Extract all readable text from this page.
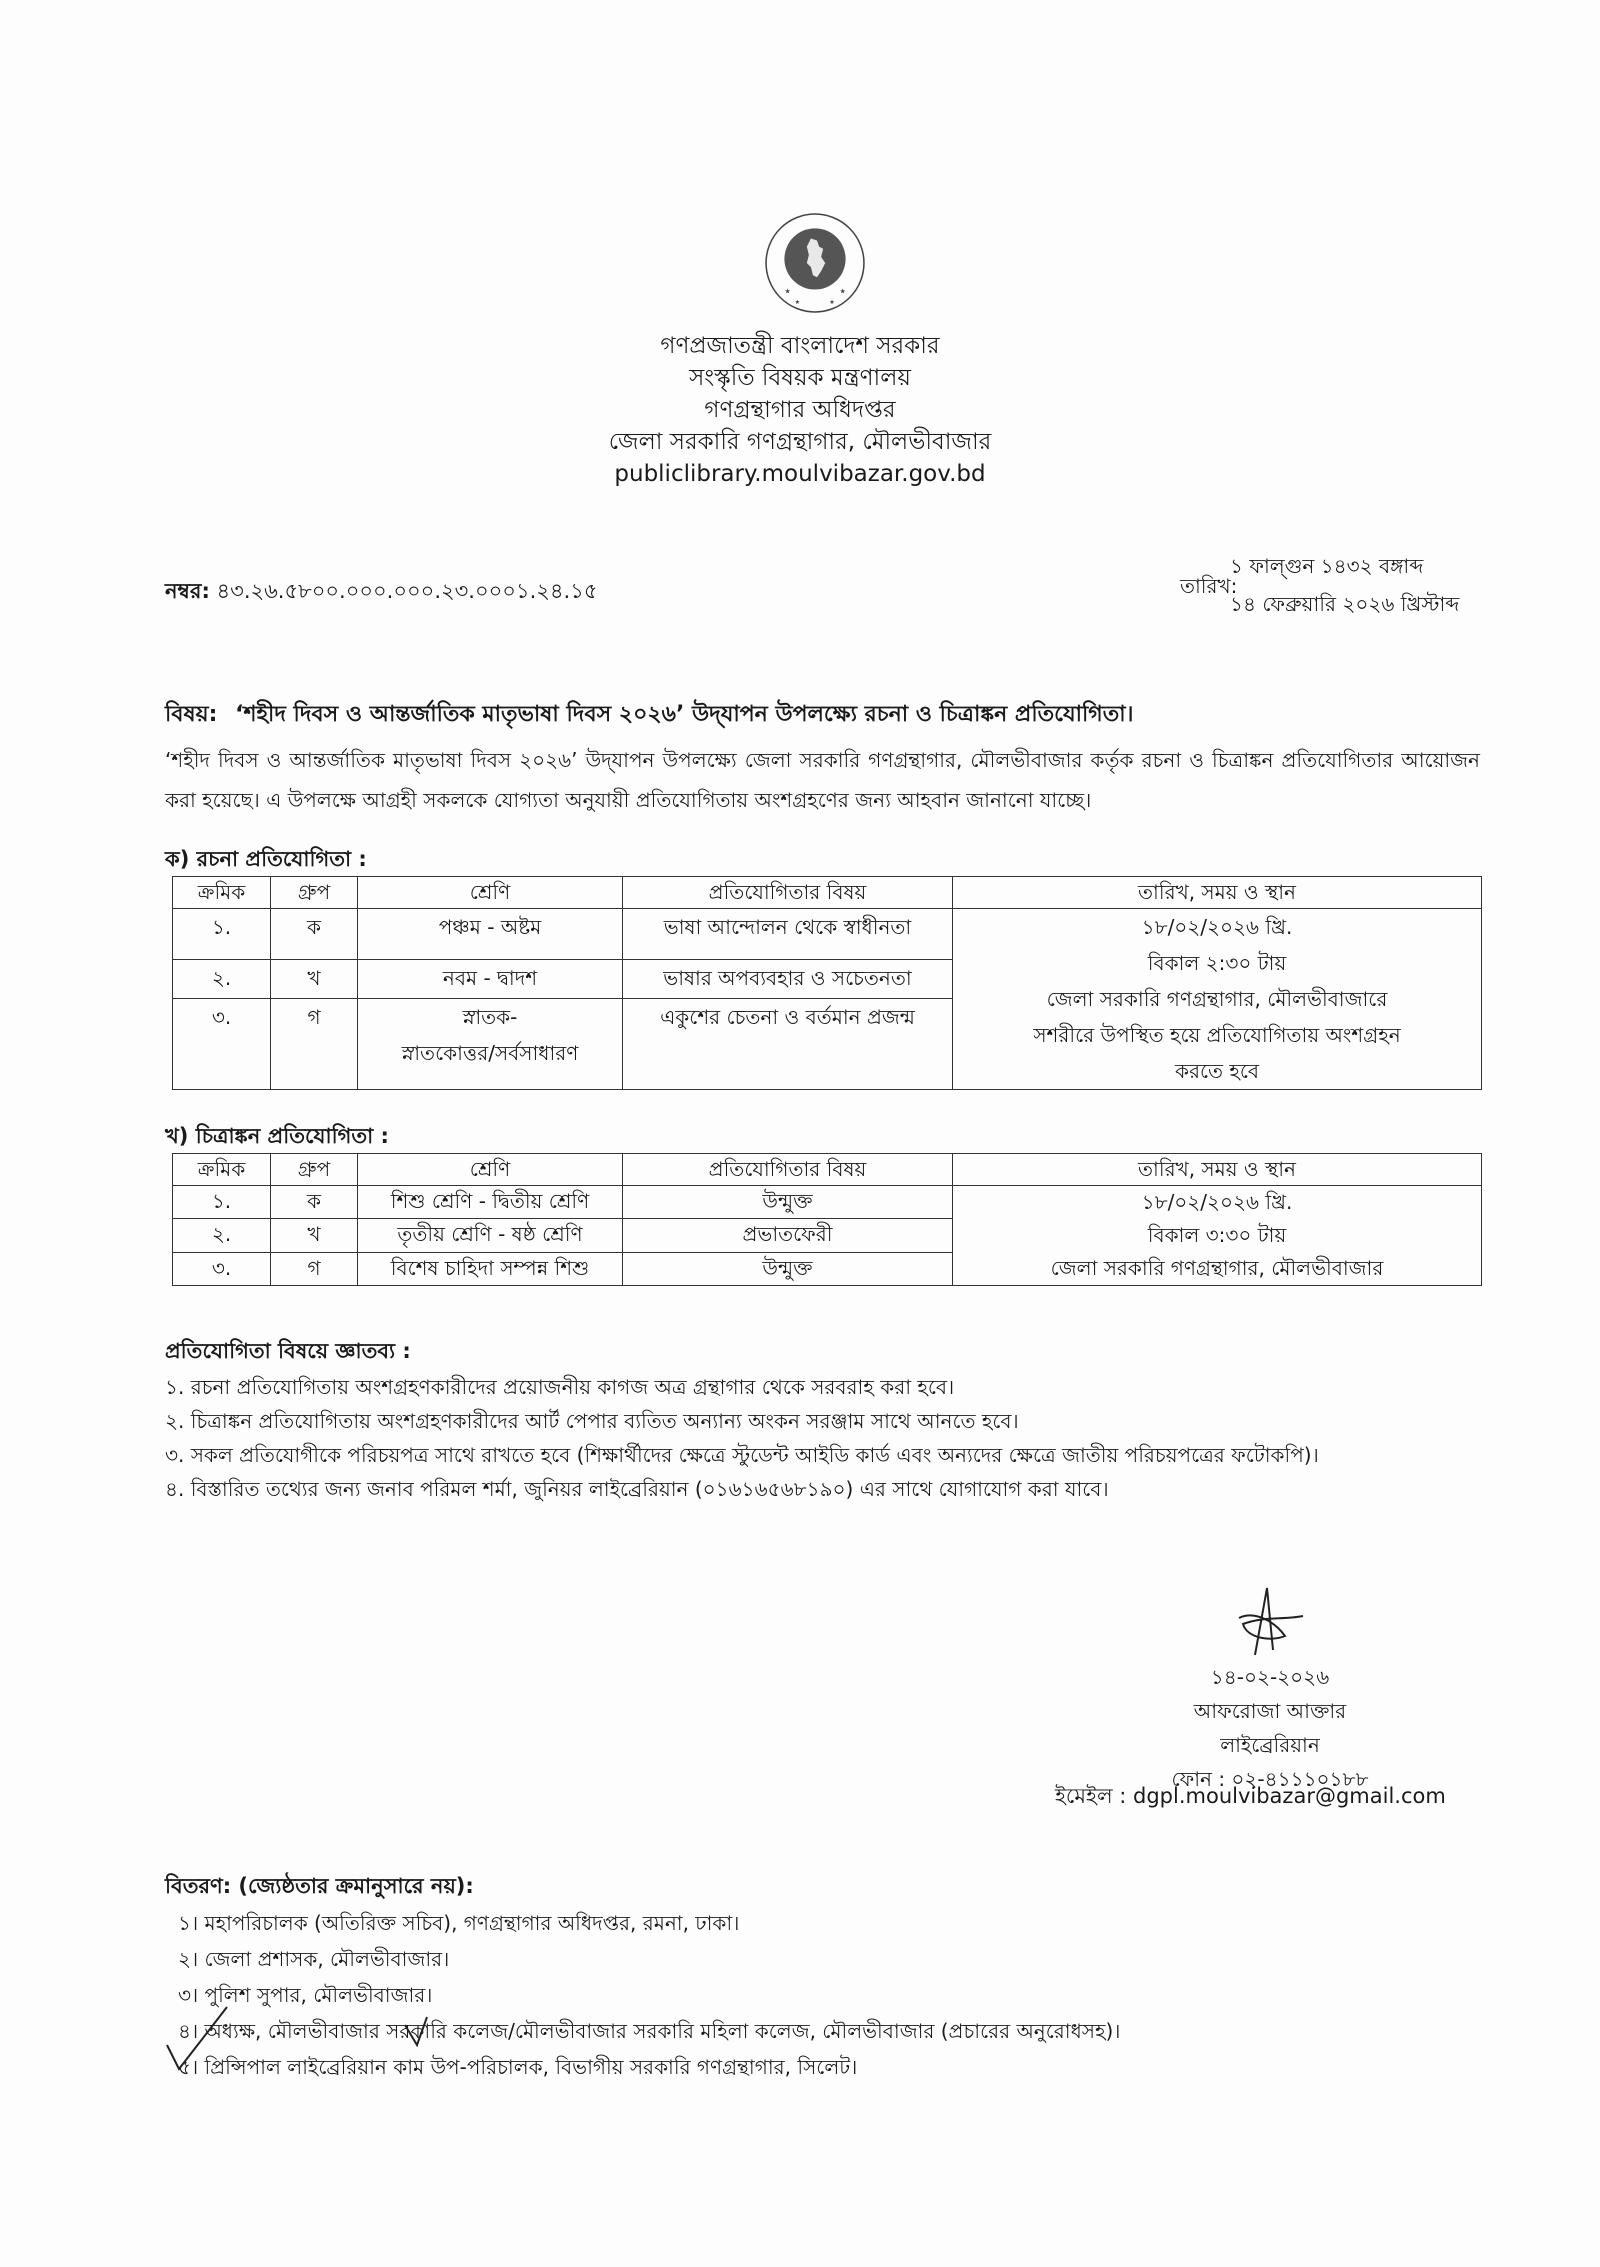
★	★
★	★
গণপ্রজাতন্ত্রী বাংলাদেশ সরকার
সংস্কৃতি বিষয়ক মন্ত্রণালয়
গণগ্রন্থাগার অধিদপ্তর
জেলা সরকারি গণগ্রন্থাগার, মৌলভীবাজার
publiclibrary.moulvibazar.gov.bd
নম্বর: ৪৩.২৬.৫৮০০.০০০.০০০.২৩.০০০১.২৪.১৫	তারিখ:
১ ফাল্গুন ১৪৩২ বঙ্গাব্দ
১৪ ফেব্রুয়ারি ২০২৬ খ্রিস্টাব্দ
বিষয়: ‘শহীদ দিবস ও আন্তর্জাতিক মাতৃভাষা দিবস ২০২৬’ উদ্‌যাপন উপলক্ষ্যে রচনা ও চিত্রাঙ্কন প্রতিযোগিতা।
‘শহীদ দিবস ও আন্তর্জাতিক মাতৃভাষা দিবস ২০২৬’ উদ্‌যাপন উপলক্ষ্যে জেলা সরকারি গণগ্রন্থাগার, মৌলভীবাজার কর্তৃক রচনা ও চিত্রাঙ্কন প্রতিযোগিতার আয়োজন করা হয়েছে। এ উপলক্ষে আগ্রহী সকলকে যোগ্যতা অনুযায়ী প্রতিযোগিতায় অংশগ্রহণের জন্য আহবান জানানো যাচ্ছে।
ক) রচনা প্রতিযোগিতা :
ক্রমিক	গ্রুপ	শ্রেণি	প্রতিযোগিতার বিষয়	তারিখ, সময় ও স্থান
১.	ক	পঞ্চম - অষ্টম	ভাষা আন্দোলন থেকে স্বাধীনতা	১৮/০২/২০২৬ খ্রি.
বিকাল ২:৩০ টায়
জেলা সরকারি গণগ্রন্থাগার, মৌলভীবাজারে
সশরীরে উপস্থিত হয়ে প্রতিযোগিতায় অংশগ্রহন
করতে হবে

২.	খ	নবম - দ্বাদশ	ভাষার অপব্যবহার ও সচেতনতা	
৩.	গ	স্নাতক-
স্নাতকোত্তর/সর্বসাধারণ	একুশের চেতনা ও বর্তমান প্রজন্ম	
খ) চিত্রাঙ্কন প্রতিযোগিতা :
ক্রমিক	গ্রুপ	শ্রেণি	প্রতিযোগিতার বিষয়	তারিখ, সময় ও স্থান
১.	ক	শিশু শ্রেণি - দ্বিতীয় শ্রেণি	উন্মুক্ত	১৮/০২/২০২৬ খ্রি.
বিকাল ৩:৩০ টায়
জেলা সরকারি গণগ্রন্থাগার, মৌলভীবাজার

২.	খ	তৃতীয় শ্রেণি - ষষ্ঠ শ্রেণি	প্রভাতফেরী	
৩.	গ	বিশেষ চাহিদা সম্পন্ন শিশু	উন্মুক্ত	
প্রতিযোগিতা বিষয়ে জ্ঞাতব্য :
১. রচনা প্রতিযোগিতায় অংশগ্রহণকারীদের প্রয়োজনীয় কাগজ অত্র গ্রন্থাগার থেকে সরবরাহ করা হবে।
২. চিত্রাঙ্কন প্রতিযোগিতায় অংশগ্রহণকারীদের আর্ট পেপার ব্যতিত অন্যান্য অংকন সরঞ্জাম সাথে আনতে হবে।
৩. সকল প্রতিযোগীকে পরিচয়পত্র সাথে রাখতে হবে (শিক্ষার্থীদের ক্ষেত্রে স্টুডেন্ট আইডি কার্ড এবং অন্যদের ক্ষেত্রে জাতীয় পরিচয়পত্রের ফটোকপি)।
৪. বিস্তারিত তথ্যের জন্য জনাব পরিমল শর্মা, জুনিয়র লাইব্রেরিয়ান (০১৬১৬৫৬৮১৯০) এর সাথে যোগাযোগ করা যাবে।
১৪-০২-২০২৬
আফরোজা আক্তার
লাইব্রেরিয়ান
ফোন : ০২-৪১১১০১৮৮
ইমেইল : dgpl.moulvibazar@gmail.com
বিতরণ: (জ্যেষ্ঠতার ক্রমানুসারে নয়):
১। মহাপরিচালক (অতিরিক্ত সচিব), গণগ্রন্থাগার অধিদপ্তর, রমনা, ঢাকা।
২। জেলা প্রশাসক, মৌলভীবাজার।
৩। পুলিশ সুপার, মৌলভীবাজার।
৪। অধ্যক্ষ, মৌলভীবাজার সরকারি কলেজ/মৌলভীবাজার সরকারি মহিলা কলেজ, মৌলভীবাজার (প্রচারের অনুরোধসহ)।
৫। প্রিন্সিপাল লাইব্রেরিয়ান কাম উপ-পরিচালক, বিভাগীয় সরকারি গণগ্রন্থাগার, সিলেট।
